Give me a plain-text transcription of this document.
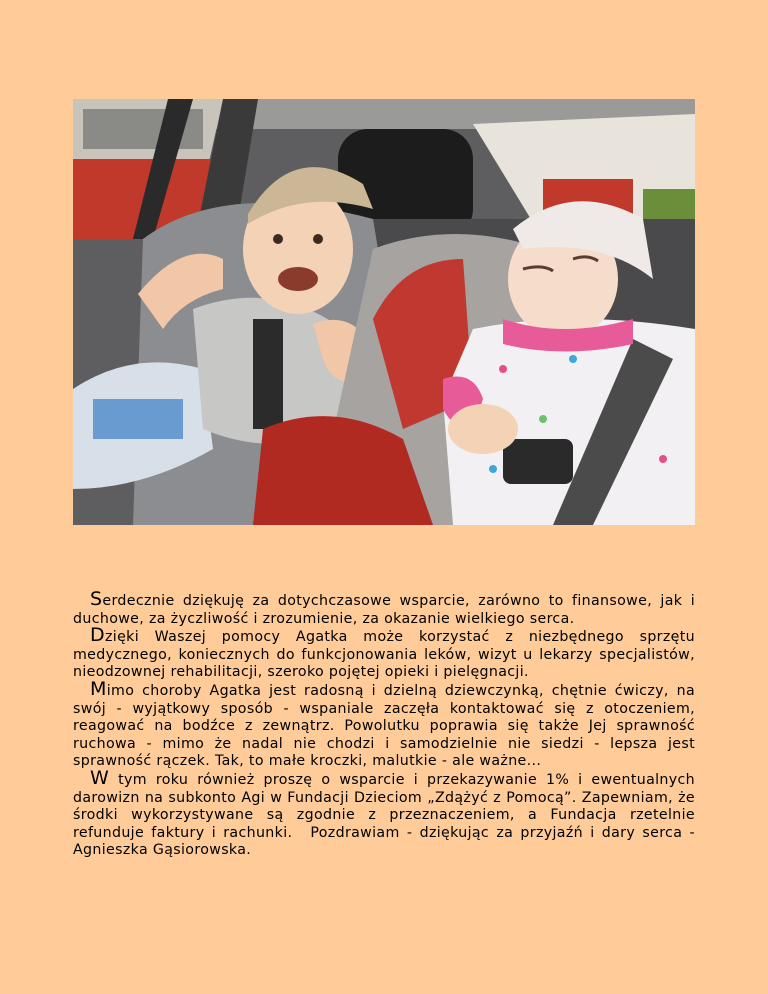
Serdecznie dziękuję za dotychczasowe wsparcie, zarówno to finansowe, jak i duchowe, za życzliwość i zrozumienie, za okazanie wielkiego serca.

Dzięki Waszej pomocy Agatka może korzystać z niezbędnego sprzętu medycznego, koniecznych do funkcjonowania leków, wizyt u lekarzy specjalistów, nieodzownej rehabilitacji, szeroko pojętej opieki i pielęgnacji.

Mimo choroby Agatka jest radosną i dzielną dziewczynką, chętnie ćwiczy, na swój - wyjątkowy sposób - wspaniale zaczęła kontaktować się z otoczeniem, reagować na bodźce z zewnątrz. Powolutku poprawia się także Jej sprawność ruchowa - mimo że nadal nie chodzi i samodzielnie nie siedzi - lepsza jest sprawność rączek. Tak, to małe kroczki, malutkie - ale ważne...

W tym roku również proszę o wsparcie i przekazywanie 1% i ewentualnych darowizn na subkonto Agi w Fundacji Dzieciom „Zdążyć z Pomocą”. Zapewniam, że środki wykorzystywane są zgodnie z przeznaczeniem, a Fundacja rzetelnie refunduje faktury i rachunki. Pozdrawiam - dziękując za przyjaźń i dary serca - Agnieszka Gąsiorowska.
